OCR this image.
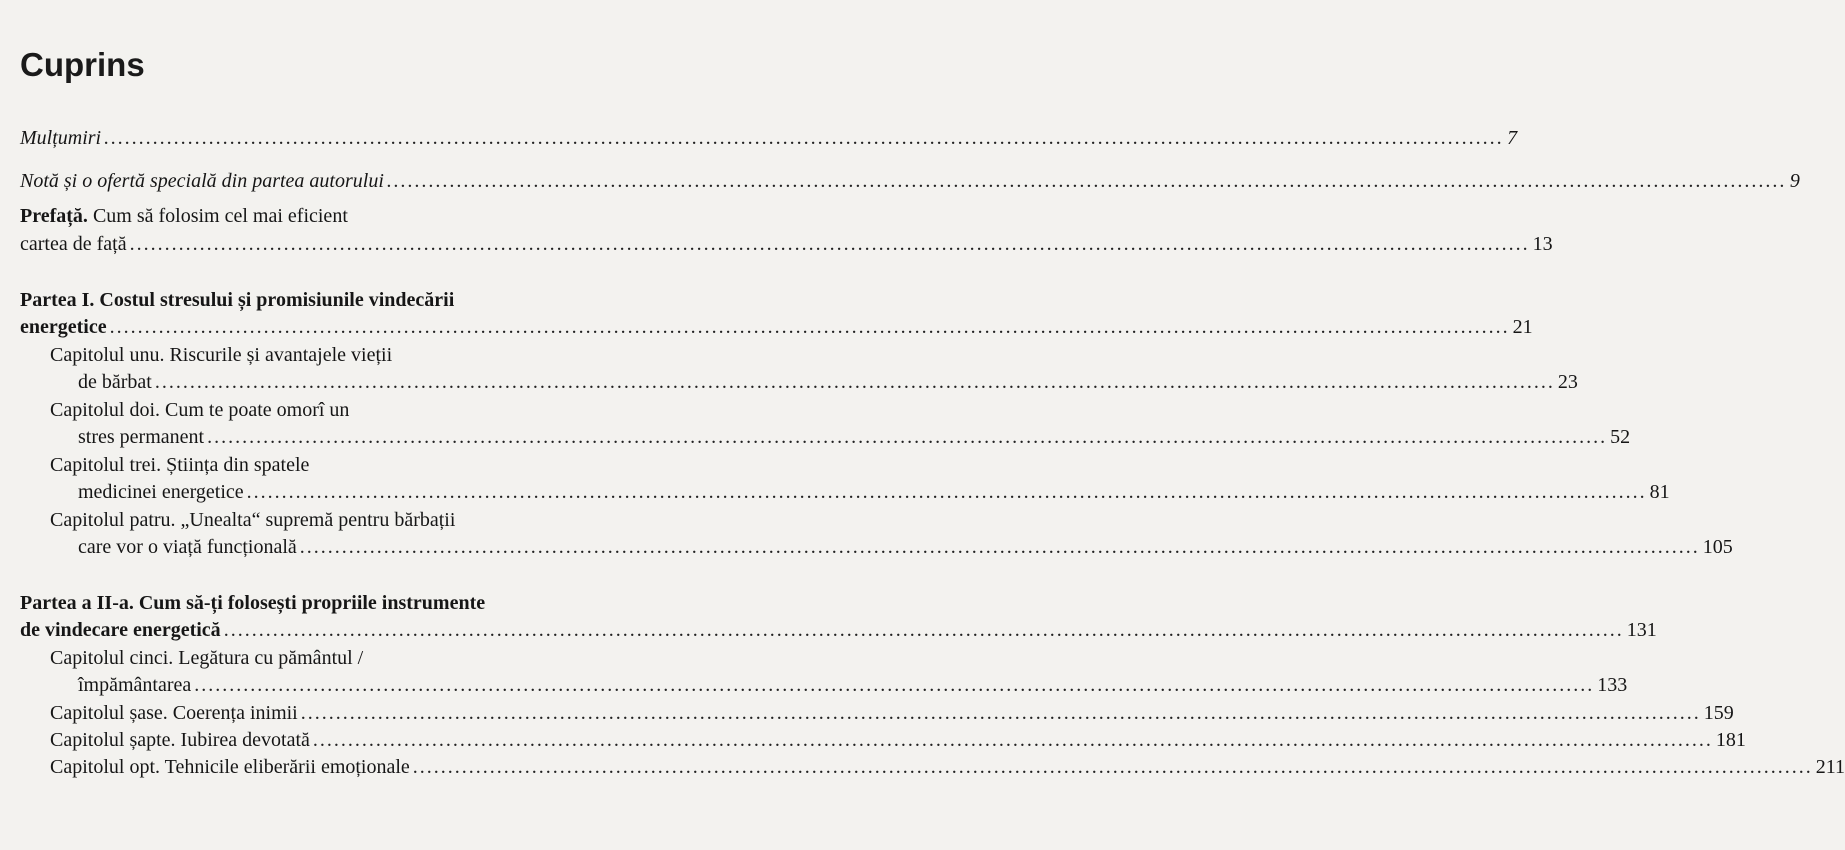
Cuprins
Mulțumiri ........................................................................................................................................................................................................ 7
Notă și o ofertă specială din partea autorului ........................................................................................................................................................................................................ 9
Prefață. Cum să folosim cel mai eficient
cartea de față ........................................................................................................................................................................................................ 13
Partea I. Costul stresului și promisiunile vindecării
energetice ........................................................................................................................................................................................................ 21
Capitolul unu. Riscurile și avantajele vieții
de bărbat ........................................................................................................................................................................................................ 23
Capitolul doi. Cum te poate omorî un
stres permanent ........................................................................................................................................................................................................ 52
Capitolul trei. Știința din spatele
medicinei energetice ........................................................................................................................................................................................................ 81
Capitolul patru. „Unealta“ supremă pentru bărbații
care vor o viață funcțională ........................................................................................................................................................................................................ 105
Partea a II-a. Cum să-ți folosești propriile instrumente
de vindecare energetică ........................................................................................................................................................................................................ 131
Capitolul cinci. Legătura cu pământul /
împământarea ........................................................................................................................................................................................................ 133
Capitolul șase. Coerența inimii ........................................................................................................................................................................................................ 159
Capitolul șapte. Iubirea devotată ........................................................................................................................................................................................................ 181
Capitolul opt. Tehnicile eliberării emoționale ........................................................................................................................................................................................................ 211
